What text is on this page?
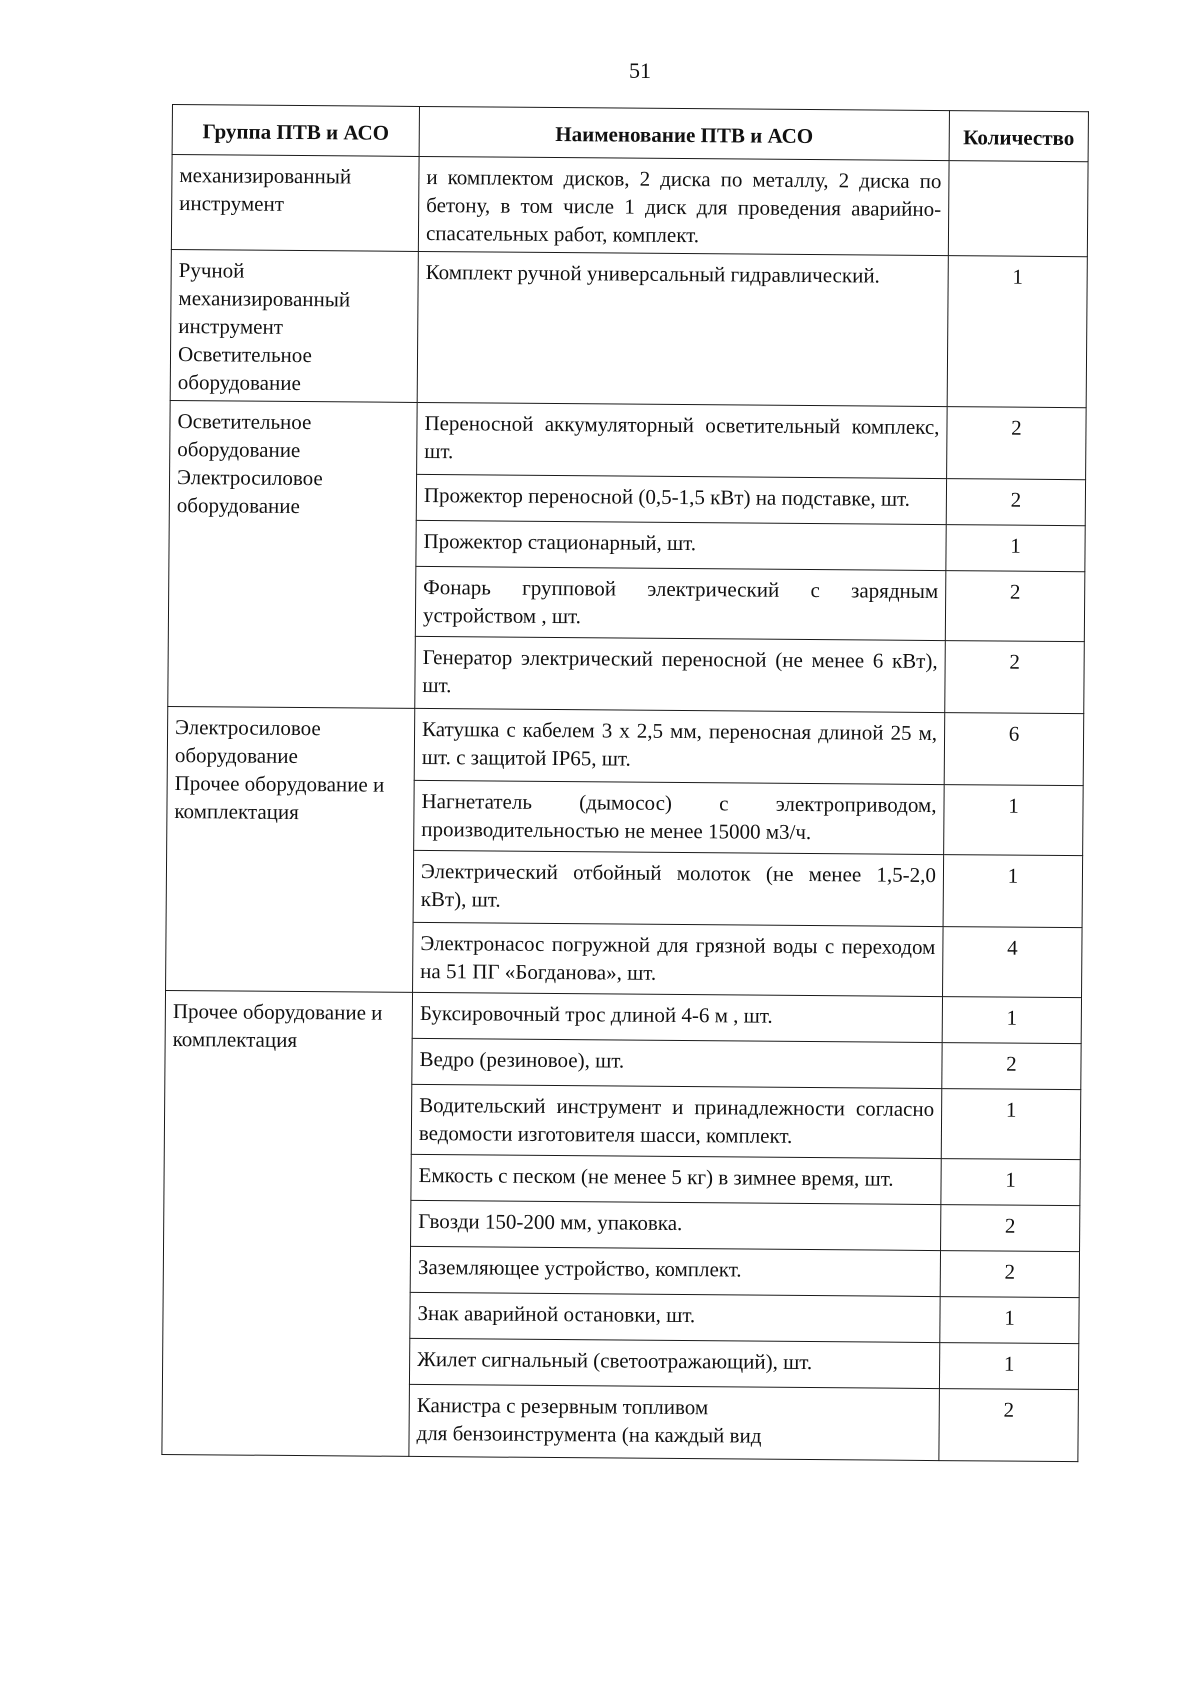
51
Группа ПТВ и АСО	Наименование ПТВ и АСО	Количество
механизированный
инструмент	и комплектом дисков, 2 диска по металлу, 2 диска по бетону, в том числе 1 диск для проведения аварийно-спасательных работ, комплект.	
Ручной
механизированный
инструмент
Осветительное
оборудование	Комплект ручной универсальный гидравлический.	1
Осветительное
оборудование
Электросиловое
оборудование	Переносной аккумуляторный осветительный комплекс, шт.	2
	Прожектор переносной (0,5-1,5 кВт) на подставке, шт.	2
	Прожектор стационарный, шт.	1
	Фонарь групповой электрический с зарядным устройством , шт.	2
	Генератор электрический переносной (не менее 6 кВт), шт.	2
Электросиловое
оборудование
Прочее оборудование и
комплектация	Катушка с кабелем 3 х 2,5 мм, переносная длиной 25 м, шт. с защитой IP65, шт.	6
	Нагнетатель (дымосос) с электроприводом, производительностью не менее 15000 м3/ч.	1
	Электрический отбойный молоток (не менее 1,5-2,0 кВт), шт.	1
	Электронасос погружной для грязной воды с переходом на 51 ПГ «Богданова», шт.	4
Прочее оборудование и
комплектация	Буксировочный трос длиной 4-6 м , шт.	1
	Ведро (резиновое), шт.	2
	Водительский инструмент и принадлежности согласно ведомости изготовителя шасси, комплект.	1
	Емкость с песком (не менее 5 кг) в зимнее время, шт.	1
	Гвозди 150-200 мм, упаковка.	2
	Заземляющее устройство, комплект.	2
	Знак аварийной остановки, шт.	1
	Жилет сигнальный (светоотражающий), шт.	1
	Канистра с резервным топливом
для бензоинструмента (на каждый вид	2
